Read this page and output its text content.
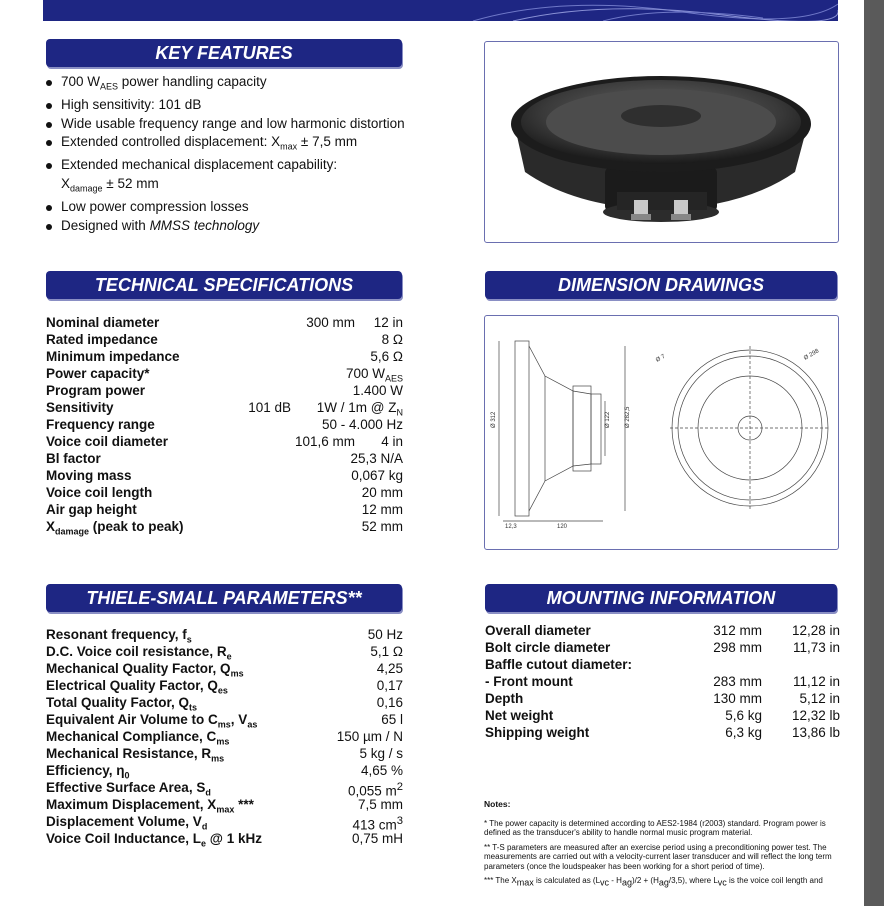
KEY FEATURES
700 $W_{AES}$ power handling capacity
High sensitivity: 101 dB
Wide usable frequency range and low harmonic distortion
Extended controlled displacement: $X_{max} \pm 7,5$ mm
Extended mechanical displacement capability:
$X_{damage} \pm 52$ mm
Low power compression losses
Designed with MMSS technology
TECHNICAL SPECIFICATIONS
Nominal diameter	300 mm 12 in
Rated impedance	8 Ω
Minimum impedance	5,6 Ω
Power capacity*	700 $W_{AES}$
Program power	1.400 W
Sensitivity	101 dB 1W / 1m @ $Z_N$
Frequency range	50 - 4.000 Hz
Voice coil diameter	101,6 mm 4 in
Bl factor	25,3 N/A
Moving mass	0,067 kg
Voice coil length	20 mm
Air gap height	12 mm
$X_{damage}$ (peak to peak)	52 mm
DIMENSION DRAWINGS
Ø 312	Ø 122 Ø 282,5
Ø 7	Ø 298
12,3	120
THIELE-SMALL PARAMETERS**
Resonant frequency, $f_s$	50 Hz
D.C. Voice coil resistance, $R_e$	5,1 Ω
Mechanical Quality Factor, $Q_{ms}$	4,25
Electrical Quality Factor, $Q_{es}$	0,17
Total Quality Factor, $Q_{ts}$	0,16
Equivalent Air Volume to $C_{ms}$, $V_{as}$	65 l
Mechanical Compliance, $C_{ms}$	150 µm / N
Mechanical Resistance, $R_{ms}$	5 kg / s
Efficiency, $\eta_0$	4,65 %
Effective Surface Area, $S_d$	0,055 $m^2$
Maximum Displacement, $X_{max}$ ***	7,5 mm
Displacement Volume, $V_d$	413 $cm^3$
Voice Coil Inductance, $L_e$ @ 1 kHz	0,75 mH
MOUNTING INFORMATION
Overall diameter	312 mm 12,28 in
Bolt circle diameter	298 mm 11,73 in
Baffle cutout diameter:
- Front mount	283 mm 11,12 in
Depth	130 mm	5,12 in
Net weight	5,6 kg 12,32 lb
Shipping weight	6,3 kg 13,86 lb

Notes:

* The power capacity is determined according to AES2-1984 (r2003) standard. Program power is defined as the transducer's ability to handle normal music program material.

** T-S parameters are measured after an exercise period using a preconditioning power test. The measurements are carried out with a velocity-current laser transducer and will reflect the long term parameters (once the loudspeaker has been working for a short period of time).

*** The $X_{max}$ is calculated as $(L_{vc} - H_{ag})/2 + (H_{ag}/3,5)$, where $L_{vc}$ is the voice coil length and
